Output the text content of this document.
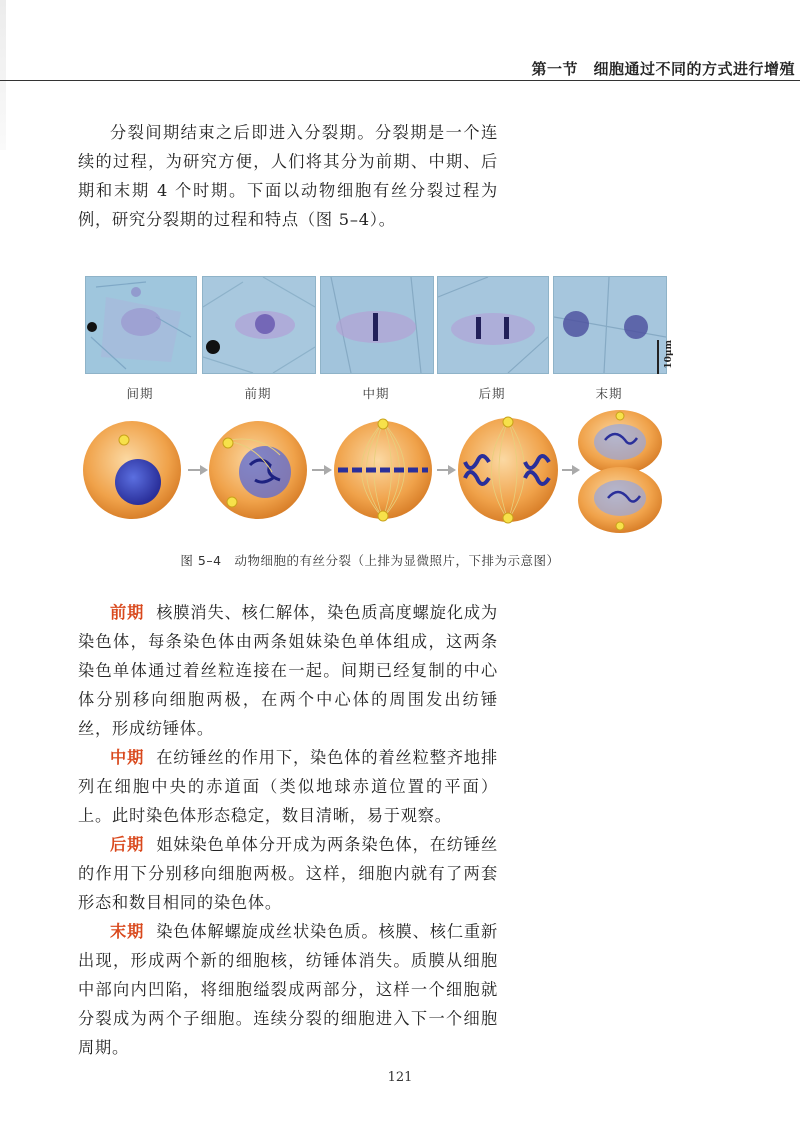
第一节　细胞通过不同的方式进行增殖

分裂间期结束之后即进入分裂期。分裂期是一个连续的过程，为研究方便，人们将其分为前期、中期、后期和末期 4 个时期。下面以动物细胞有丝分裂过程为例，研究分裂期的过程和特点（图 5–4）。

间期	前期	中期	后期	末期
10μm
图 5–4　动物细胞的有丝分裂（上排为显微照片，下排为示意图）

前期 核膜消失、核仁解体，染色质高度螺旋化成为染色体，每条染色体由两条姐妹染色单体组成，这两条染色单体通过着丝粒连接在一起。间期已经复制的中心体分别移向细胞两极，在两个中心体的周围发出纺锤丝，形成纺锤体。

中期 在纺锤丝的作用下，染色体的着丝粒整齐地排列在细胞中央的赤道面（类似地球赤道位置的平面）上。此时染色体形态稳定，数目清晰，易于观察。

后期 姐妹染色单体分开成为两条染色体，在纺锤丝的作用下分别移向细胞两极。这样，细胞内就有了两套形态和数目相同的染色体。

末期 染色体解螺旋成丝状染色质。核膜、核仁重新出现，形成两个新的细胞核，纺锤体消失。质膜从细胞中部向内凹陷，将细胞缢裂成两部分，这样一个细胞就分裂成为两个子细胞。连续分裂的细胞进入下一个细胞周期。

121
